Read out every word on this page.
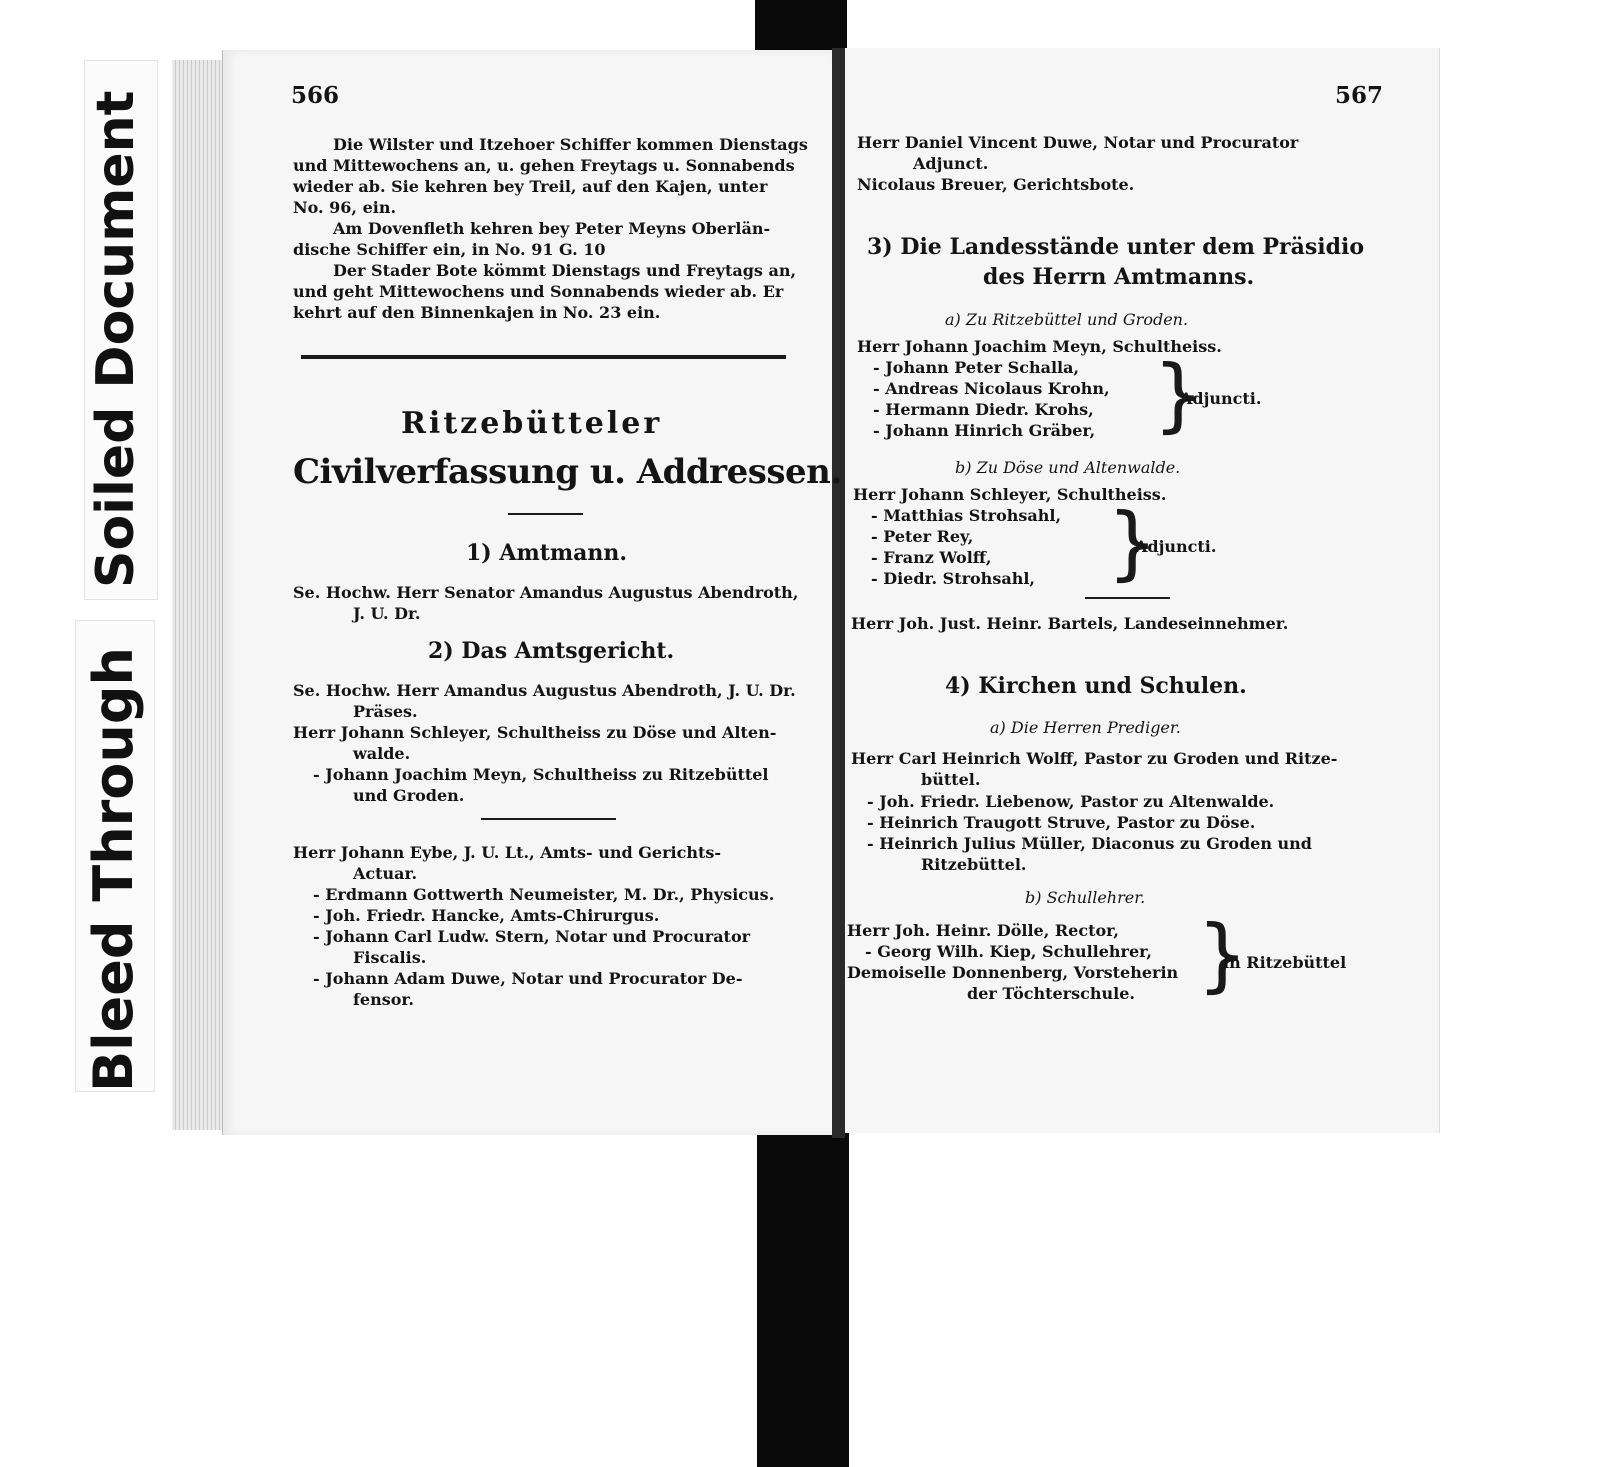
Bleed Through
Soiled Document	566
Die Wilster und Itzehoer Schiffer kommen Dienstags
und Mittewochens an, u. gehen Freytags u. Sonnabends
wieder ab. Sie kehren bey Treil, auf den Kajen, unter
No. 96, ein.
Am Dovenfleth kehren bey Peter Meyns Oberlän-
dische Schiffer ein, in No. 91 G. 10
Der Stader Bote kömmt Dienstags und Freytags an,
und geht Mittewochens und Sonnabends wieder ab. Er
kehrt auf den Binnenkajen in No. 23 ein.
Ritzebütteler
Civilverfassung u. Addressen.
1) Amtmann.
Se. Hochw. Herr Senator Amandus Augustus Abendroth,
J. U. Dr.
2) Das Amtsgericht.
Se. Hochw. Herr Amandus Augustus Abendroth, J. U. Dr.
Präses.
Herr Johann Schleyer, Schultheiss zu Döse und Alten-
walde.
- Johann Joachim Meyn, Schultheiss zu Ritzebüttel
und Groden.
Herr Johann Eybe, J. U. Lt., Amts- und Gerichts-
Actuar.
- Erdmann Gottwerth Neumeister, M. Dr., Physicus.
- Joh. Friedr. Hancke, Amts-Chirurgus.
- Johann Carl Ludw. Stern, Notar und Procurator
Fiscalis.
- Johann Adam Duwe, Notar und Procurator De-
fensor.
567
Herr Daniel Vincent Duwe, Notar und Procurator
Adjunct.
Nicolaus Breuer, Gerichtsbote.
3) Die Landesstände unter dem Präsidio
des Herrn Amtmanns.
a) Zu Ritzebüttel und Groden.
Herr Johann Joachim Meyn, Schultheiss.
- Johann Peter Schalla,
- Andreas Nicolaus Krohn,
- Hermann Diedr. Krohs,
- Johann Hinrich Gräber, }
Adjuncti.
b) Zu Döse und Altenwalde.
Herr Johann Schleyer, Schultheiss.
- Matthias Strohsahl,
- Peter Rey,
- Franz Wolff,
- Diedr. Strohsahl, }
Adjuncti.
Herr Joh. Just. Heinr. Bartels, Landeseinnehmer.
4) Kirchen und Schulen.
a) Die Herren Prediger.
Herr Carl Heinrich Wolff, Pastor zu Groden und Ritze-
büttel.
- Joh. Friedr. Liebenow, Pastor zu Altenwalde.
- Heinrich Traugott Struve, Pastor zu Döse.
- Heinrich Julius Müller, Diaconus zu Groden und
Ritzebüttel.
b) Schullehrer.
Herr Joh. Heinr. Dölle, Rector,
- Georg Wilh. Kiep, Schullehrer,
Demoiselle Donnenberg, Vorsteherin
der Töchterschule. }
in Ritzebüttel
